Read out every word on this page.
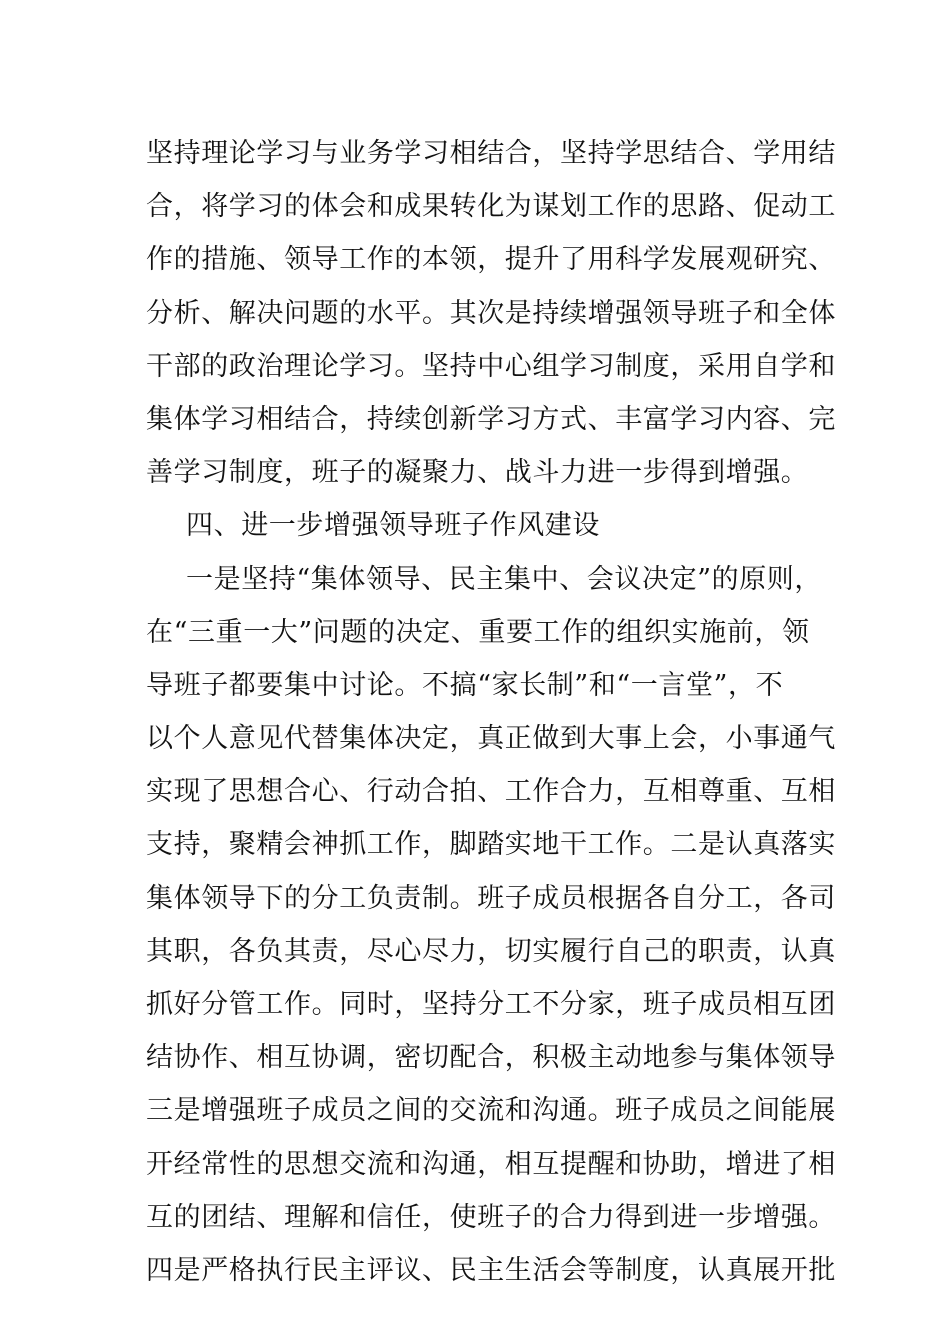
坚持理论学习与业务学习相结合，坚持学思结合、学用结
合，将学习的体会和成果转化为谋划工作的思路、促动工
作的措施、领导工作的本领，提升了用科学发展观研究、
分析、解决问题的水平。其次是持续增强领导班子和全体
干部的政治理论学习。坚持中心组学习制度，采用自学和
集体学习相结合，持续创新学习方式、丰富学习内容、完
善学习制度，班子的凝聚力、战斗力进一步得到增强。
四、进一步增强领导班子作风建设
一是坚持“集体领导、民主集中、会议决定”的原则，
在“三重一大”问题的决定、重要工作的组织实施前，领
导班子都要集中讨论。不搞“家长制”和“一言堂”，不
以个人意见代替集体决定，真正做到大事上会，小事通气
实现了思想合心、行动合拍、工作合力，互相尊重、互相
支持，聚精会神抓工作，脚踏实地干工作。二是认真落实
集体领导下的分工负责制。班子成员根据各自分工，各司
其职，各负其责，尽心尽力，切实履行自己的职责，认真
抓好分管工作。同时，坚持分工不分家，班子成员相互团
结协作、相互协调，密切配合，积极主动地参与集体领导
三是增强班子成员之间的交流和沟通。班子成员之间能展
开经常性的思想交流和沟通，相互提醒和协助，增进了相
互的团结、理解和信任，使班子的合力得到进一步增强。
四是严格执行民主评议、民主生活会等制度，认真展开批
